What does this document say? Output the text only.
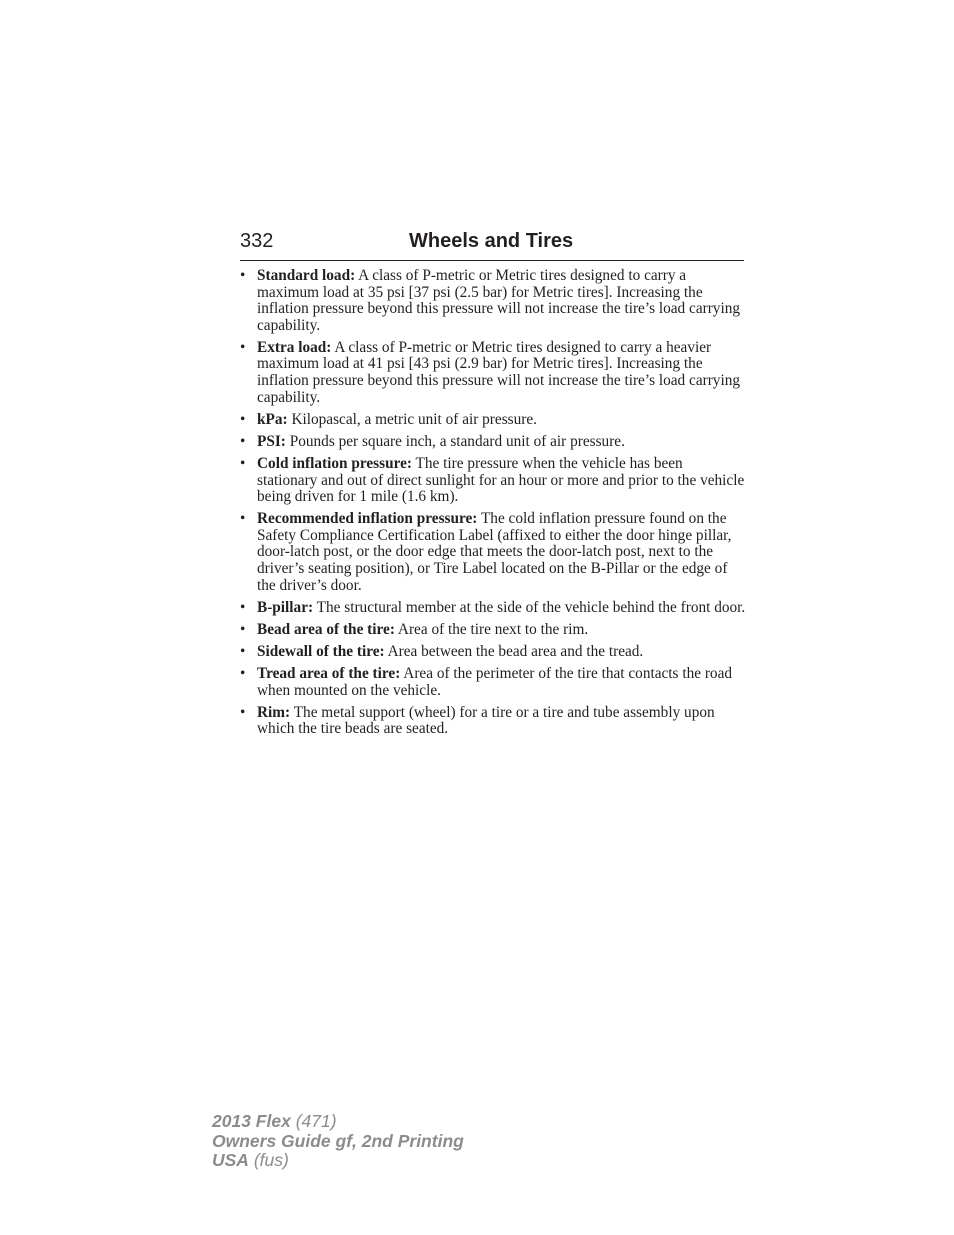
332	Wheels and Tires
• Standard load: A class of P-metric or Metric tires designed to carry a maximum load at 35 psi [37 psi (2.5 bar) for Metric tires]. Increasing the inflation pressure beyond this pressure will not increase the tire’s load carrying capability.
• Extra load: A class of P-metric or Metric tires designed to carry a heavier maximum load at 41 psi [43 psi (2.9 bar) for Metric tires]. Increasing the inflation pressure beyond this pressure will not increase the tire’s load carrying capability.
• kPa: Kilopascal, a metric unit of air pressure.
• PSI: Pounds per square inch, a standard unit of air pressure.
• Cold inflation pressure: The tire pressure when the vehicle has been stationary and out of direct sunlight for an hour or more and prior to the vehicle being driven for 1 mile (1.6 km).
• Recommended inflation pressure: The cold inflation pressure found on the Safety Compliance Certification Label (affixed to either the door hinge pillar, door-latch post, or the door edge that meets the door-latch post, next to the driver’s seating position), or Tire Label located on the B-Pillar or the edge of the driver’s door.
• B-pillar: The structural member at the side of the vehicle behind the front door.
• Bead area of the tire: Area of the tire next to the rim.
• Sidewall of the tire: Area between the bead area and the tread.
• Tread area of the tire: Area of the perimeter of the tire that contacts the road when mounted on the vehicle.
• Rim: The metal support (wheel) for a tire or a tire and tube assembly upon which the tire beads are seated.
2013 Flex (471)
Owners Guide gf, 2nd Printing
USA (fus)
